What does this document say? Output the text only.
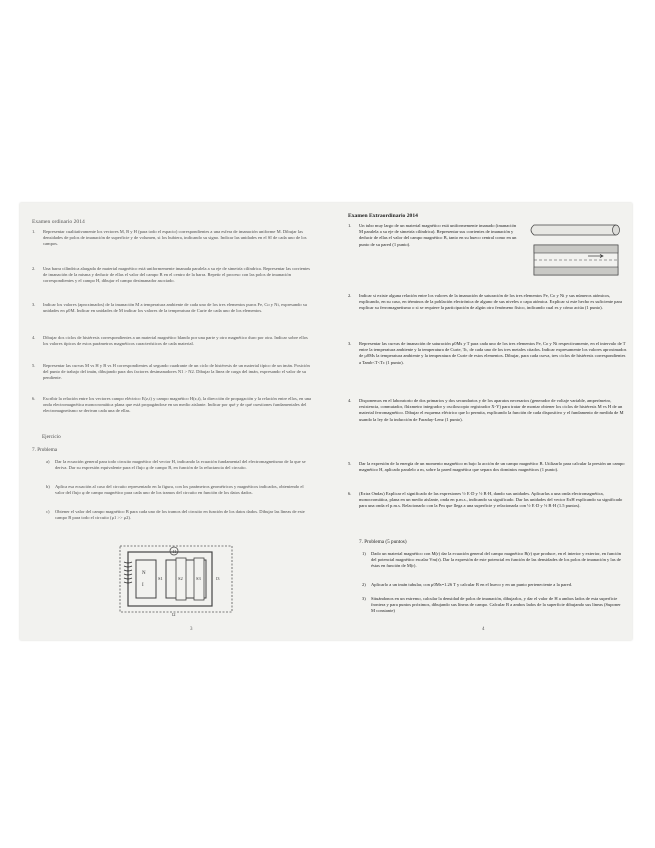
Examen ordinario 2014
1.	Representar cualitativamente los vectores M, B y H (para todo el espacio) correspondientes a una esfera de imanación uniforme M. Dibujar las densidades de polos de imanación de superficie y de volumen, si los hubiera, indicando su signo. Indicar las unidades en el SI de cada uno de los campos.
2.	Una barra cilíndrica alargada de material magnético está uniformemente imanada paralela a su eje de simetría cilíndrica. Representar las corrientes de imanación de la misma y deducir de ellas el valor del campo B en el centro de la barra. Repetir el proceso con las polos de imanación correspondientes y el campo H, dibujar el campo desimanador asociado.
3.	Indicar los valores (aproximados) de la imanación M a temperatura ambiente de cada uno de los tres elementos puros Fe, Co y Ni, expresando su unidades en μ0M. Indicar en unidades de M indicar los valores de la temperatura de Curie de cada uno de los elementos.
4.	Dibujar dos ciclos de histéresis correspondientes a un material magnético blando por una parte y otro magnético duro por otra. Indicar sobre ellos los valores típicos de estos parámetros magnéticos característicos de cada material.
5.	Representar las curvas M vs H y B vs H correspondientes al segundo cuadrante de un ciclo de histéresis de un material típico de un imán. Posición del punto de trabajo del imán, dibujando para dos factores desimanadores N1 > N2. Dibujar la línea de carga del imán, expresando el valor de su pendiente.
6.	Escribir la relación entre los vectores campo eléctrico E(z,t) y campo magnético H(z,t), la dirección de propagación y la relación entre ellos, en una onda electromagnética monocromática plana que está propagándose en un medio aislante. Indicar por qué y de qué cuestiones fundamentales del electromagnetismo se derivan cada una de ellas.
Ejercicio
7. Problema
a)	Dar la ecuación general para todo circuito magnético del vector H, indicando la ecuación fundamental del electromagnetismo de la que se deriva. Dar su expresión equivalente para el flujo φ de campo B, en función de la reluctancia del circuito.
b)	Aplica esa ecuación al caso del circuito representado en la figura, con los parámetros geométricos y magnéticos indicados, obteniendo el valor del flujo φ de campo magnético para cada uno de los tramos del circuito en función de los datos dados.
c)	Obtener el valor del campo magnético B para cada uno de los tramos del circuito en función de los datos dados. Dibujar las líneas de este campo B para todo el circuito (μ1 >> μ2).
l1
N
I
S1	S2	S3	l3
l2
3
Examen Extraordinario 2014
1.	Un tubo muy largo de un material magnético está uniformemente imanado (imanación M paralela a su eje de simetría cilíndrica). Representar sus corrientes de imanación y deducir de ellas el valor del campo magnético B, tanto en su hueco central como en un punto de su pared (1 punto).
2.	Indicar si existe alguna relación entre los valores de la imanación de saturación de los tres elementos Fe, Co y Ni y sus números atómicos, explicando, en su caso, en términos de la población electrónica de alguno de sus niveles o capa atómica. Explicar si este hecho es suficiente para explicar su ferromagnetismo o si se requiere la participación de algún otro fenómeno físico, indicando cual es y cómo actúa (1 punto).
3.	Representar las curvas de imanación de saturación μ0Ms y T para cada uno de los tres elementos Fe, Co y Ni respectivamente, en el intervalo de T entre la temperatura ambiente y la temperatura de Curie, Tc, de cada uno de los tres metales citados. Indicar expresamente los valores aproximados de μ0Ms la temperatura ambiente y la temperatura de Curie de estos elementos. Dibujar, para cada curva, tres ciclos de histéresis correspondientes a Tamb<T<Tc (1 punto).
4.	Disponemos en el laboratorio de dos primarios y dos secundarios y de los aparatos necesarios (generador de voltaje variable, amperímetro, resistencia, conmutador, flúxmetro integrador y osciloscopio registrador X-Y) para tratar de montar obtener los ciclos de histéresis M vs H de un material ferromagnético. Dibujar el esquema eléctrico que lo permita, explicando la función de cada dispositivo y el fundamento de medida de M usando la ley de la inducción de Faraday-Lenz (1 punto).
5.	Dar la expresión de la energía de un momento magnético m bajo la acción de un campo magnético B. Utilizarlo para calcular la presión un campo magnético H, aplicado paralelo a m, sobre la pared magnética que separa dos dominios magnéticos (1 punto).
6.	(Extra Ondas) Explicar el significado de las expresiones ½ E·D y ½ B·H, dando sus unidades. Aplicarlas a una onda electromagnética, monocromática, plana en un medio aislante, onda en p.m.s., indicando su significado. Dar las unidades del vector ExH explicando su significado para una onda el p.m.s. Relacionarlo con la Pm que llega a una superficie y relacionarla con ½ E·D y ½ B·H (1.5 puntos).
7. Problema (5 puntos)
1)	Dado un material magnético con M(r) dar la ecuación general del campo magnético B(r) que produce, en el interior y exterior, en función del potencial magnético escalar Vm(r). Dar la expresión de este potencial en función de las densidades de los polos de imanación y las de éstas en función de M(r).
2)	Aplicarlo a un imán tubular, con μ0Ms=1.26 T y calcular B en el hueco y en un punto perteneciente a la pared.
3)	Situándonos en un extremo, calcular la densidad de polos de imanación, dibujarlos, y dar el valor de H a ambos lados de esta superficie frontera y para puntos próximos, dibujando sus líneas de campo. Calcular B a ambos lados de la superficie dibujando sus líneas (Suponer M constante)
4
